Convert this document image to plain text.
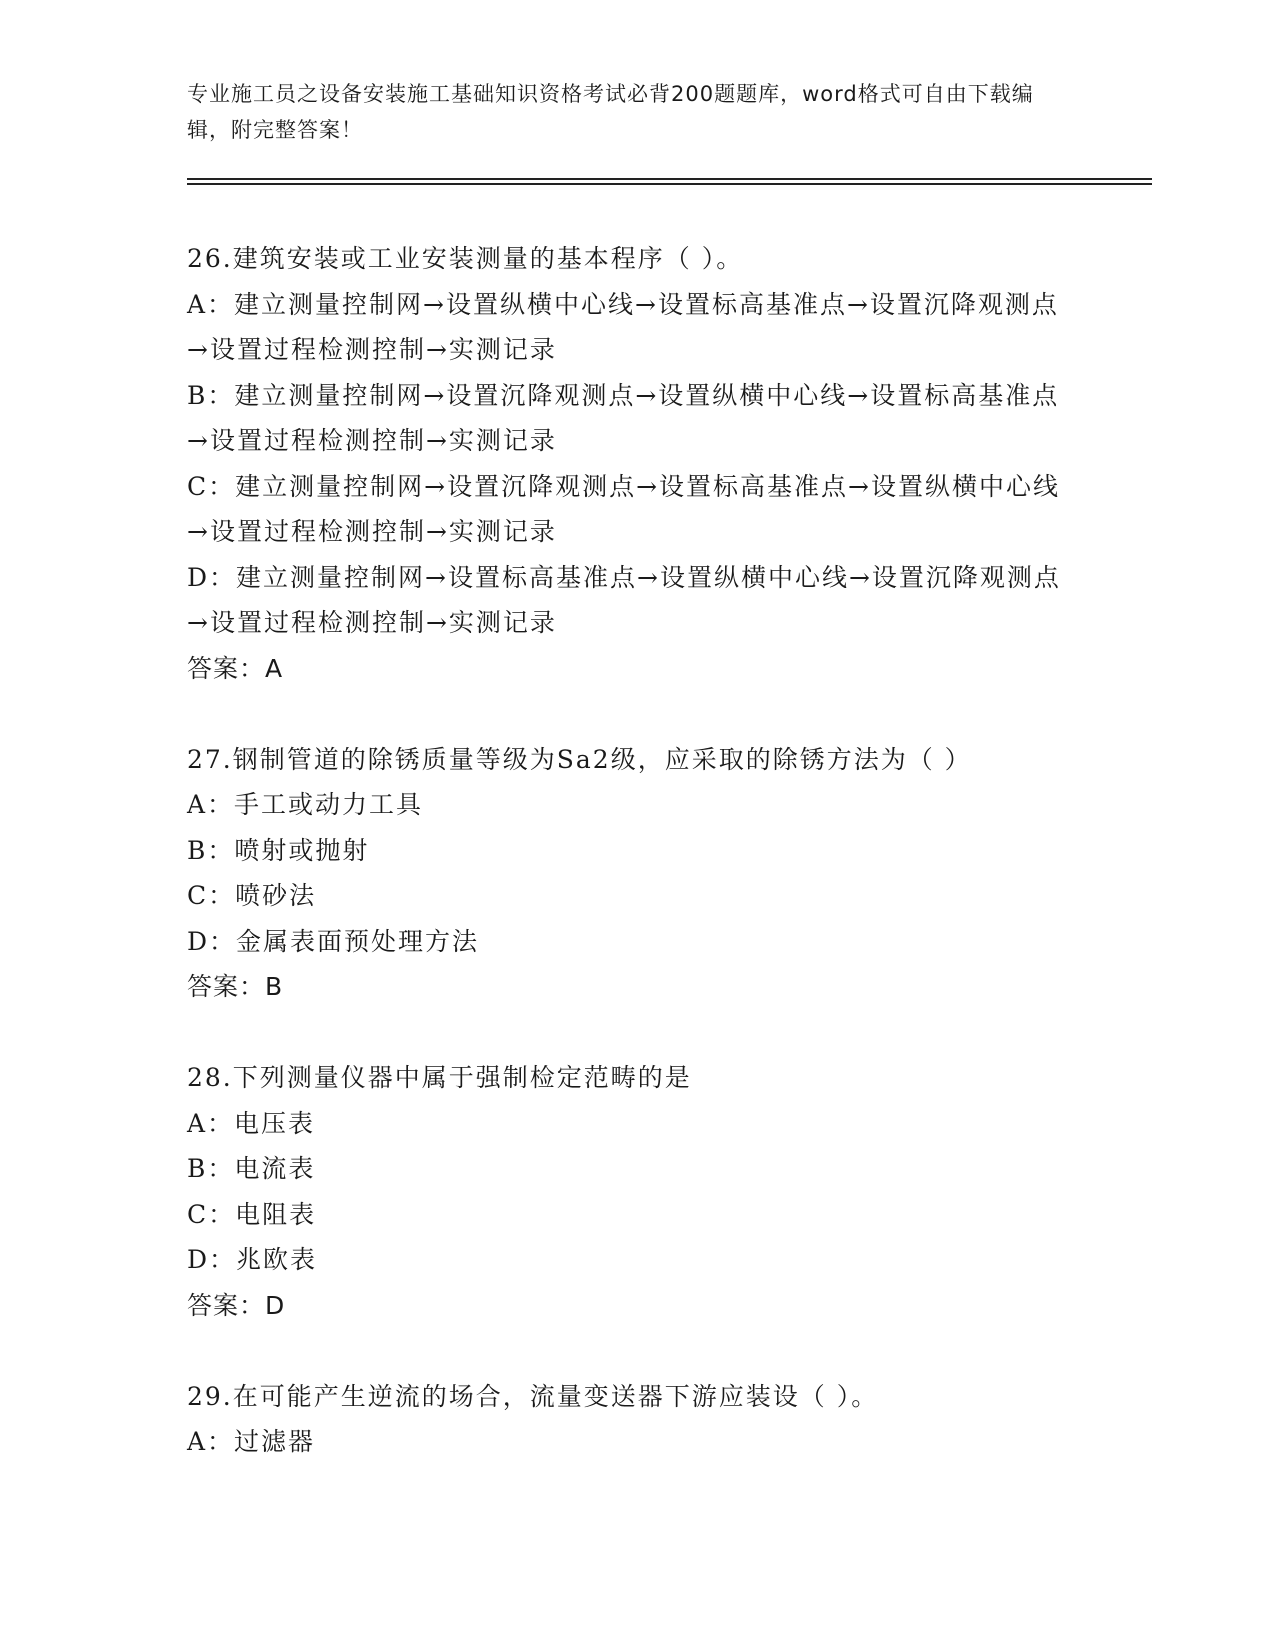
专业施工员之设备安装施工基础知识资格考试必背200题题库，word格式可自由下载编辑，附完整答案！

26.建筑安装或工业安装测量的基本程序（ ）。

A：建立测量控制网→设置纵横中心线→设置标高基准点→设置沉降观测点→设置过程检测控制→实测记录

B：建立测量控制网→设置沉降观测点→设置纵横中心线→设置标高基准点→设置过程检测控制→实测记录

C：建立测量控制网→设置沉降观测点→设置标高基准点→设置纵横中心线→设置过程检测控制→实测记录

D：建立测量控制网→设置标高基准点→设置纵横中心线→设置沉降观测点→设置过程检测控制→实测记录

答案：A

27.钢制管道的除锈质量等级为Sa2级，应采取的除锈方法为（ ）

A：手工或动力工具

B：喷射或抛射

C：喷砂法

D：金属表面预处理方法

答案：B

28.下列测量仪器中属于强制检定范畴的是

A：电压表

B：电流表

C：电阻表

D：兆欧表

答案：D

29.在可能产生逆流的场合，流量变送器下游应装设（ ）。

A：过滤器
